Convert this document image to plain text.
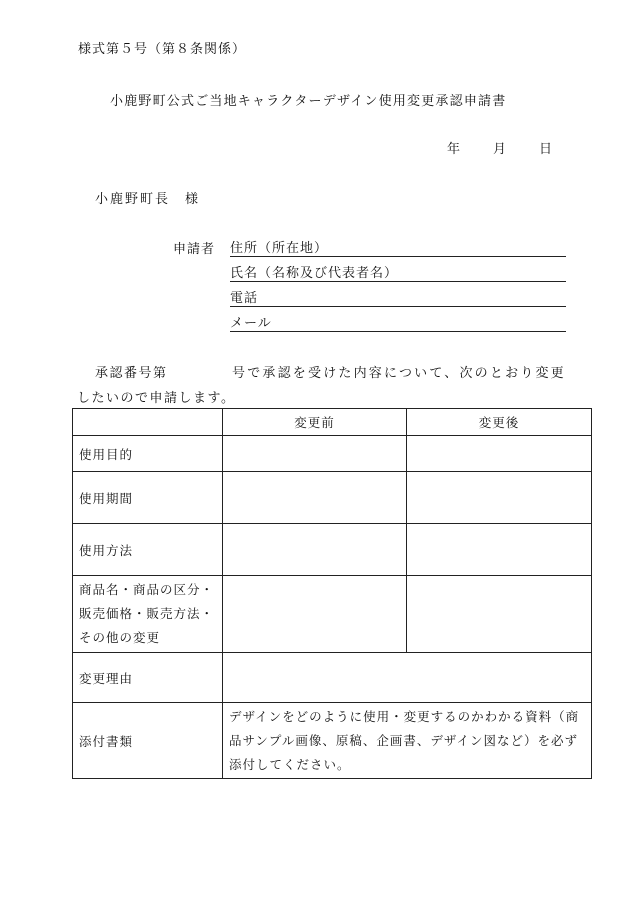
様式第５号（第８条関係）
小鹿野町公式ご当地キャラクターデザイン使用変更承認申請書
年	月	日
小鹿野町長　様
申請者 住所（所在地）
氏名（名称及び代表者名）
電話
メール
承認番号第	号で承認を受けた内容について、次のとおり変更
したいので申請します。
	変更前	変更後
使用目的		
使用期間		
使用方法		

商品名・商品の区分・
販売価格・販売方法・
その他の変更		

変更理由		
添付書類	デザインをどのように使用・変更するのかわかる資料（商
品サンプル画像、原稿、企画書、デザイン図など）を必ず
添付してください。	
